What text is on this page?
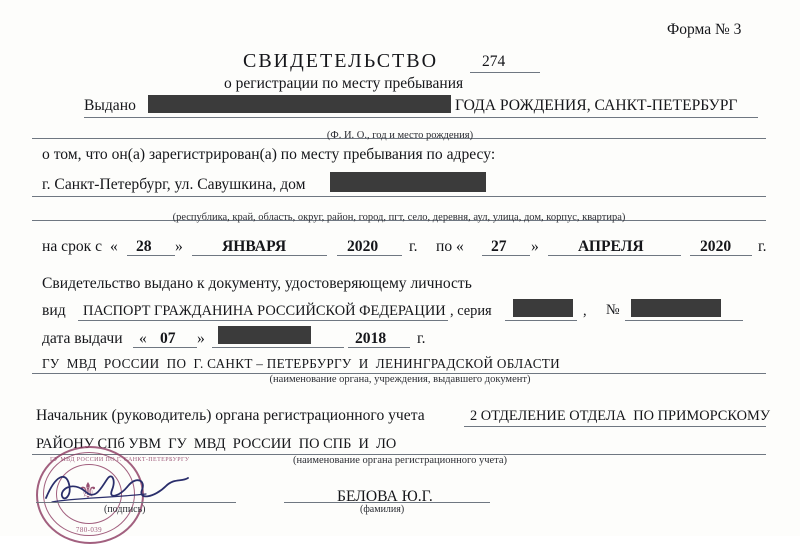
Форма № 3
СВИДЕТЕЛЬСТВО	274
о регистрации по месту пребывания
Выдано	ГОДА РОЖДЕНИЯ, САНКТ-ПЕТЕРБУРГ
(Ф. И. О., год и место рождения)
о том, что он(а) зарегистрирован(а) по месту пребывания по адресу:
г. Санкт-Петербург, ул. Савушкина, дом
(республика, край, область, округ, район, город, пгт, село, деревня, аул, улица, дом, корпус, квартира)
на срок с « 28 »	ЯНВАРЯ	2020 г. по « 27 »	АПРЕЛЯ	2020 г.
Свидетельство выдано к документу, удостоверяющему личность
вид ПАСПОРТ ГРАЖДАНИНА РОССИЙСКОЙ ФЕДЕРАЦИИ , серия	, №
дата выдачи « 07 »	2018 г.
ГУ  МВД  РОССИИ  ПО  Г. САНКТ – ПЕТЕРБУРГУ  И  ЛЕНИНГРАДСКОЙ ОБЛАСТИ
(наименование органа, учреждения, выдавшего документ)
Начальник (руководитель) органа регистрационного учета	2 ОТДЕЛЕНИЕ ОТДЕЛА  ПО ПРИМОРСКОМУ
РАЙОНУ СПб УВМ  ГУ  МВД  РОССИИ  ПО СПБ  И  ЛО
(наименование органа регистрационного учета)
ГУ МВД РОССИИ ПО Г. САНКТ-ПЕТЕРБУРГУ
⚜
780-039
(подпись)
БЕЛОВА Ю.Г.
(фамилия)
